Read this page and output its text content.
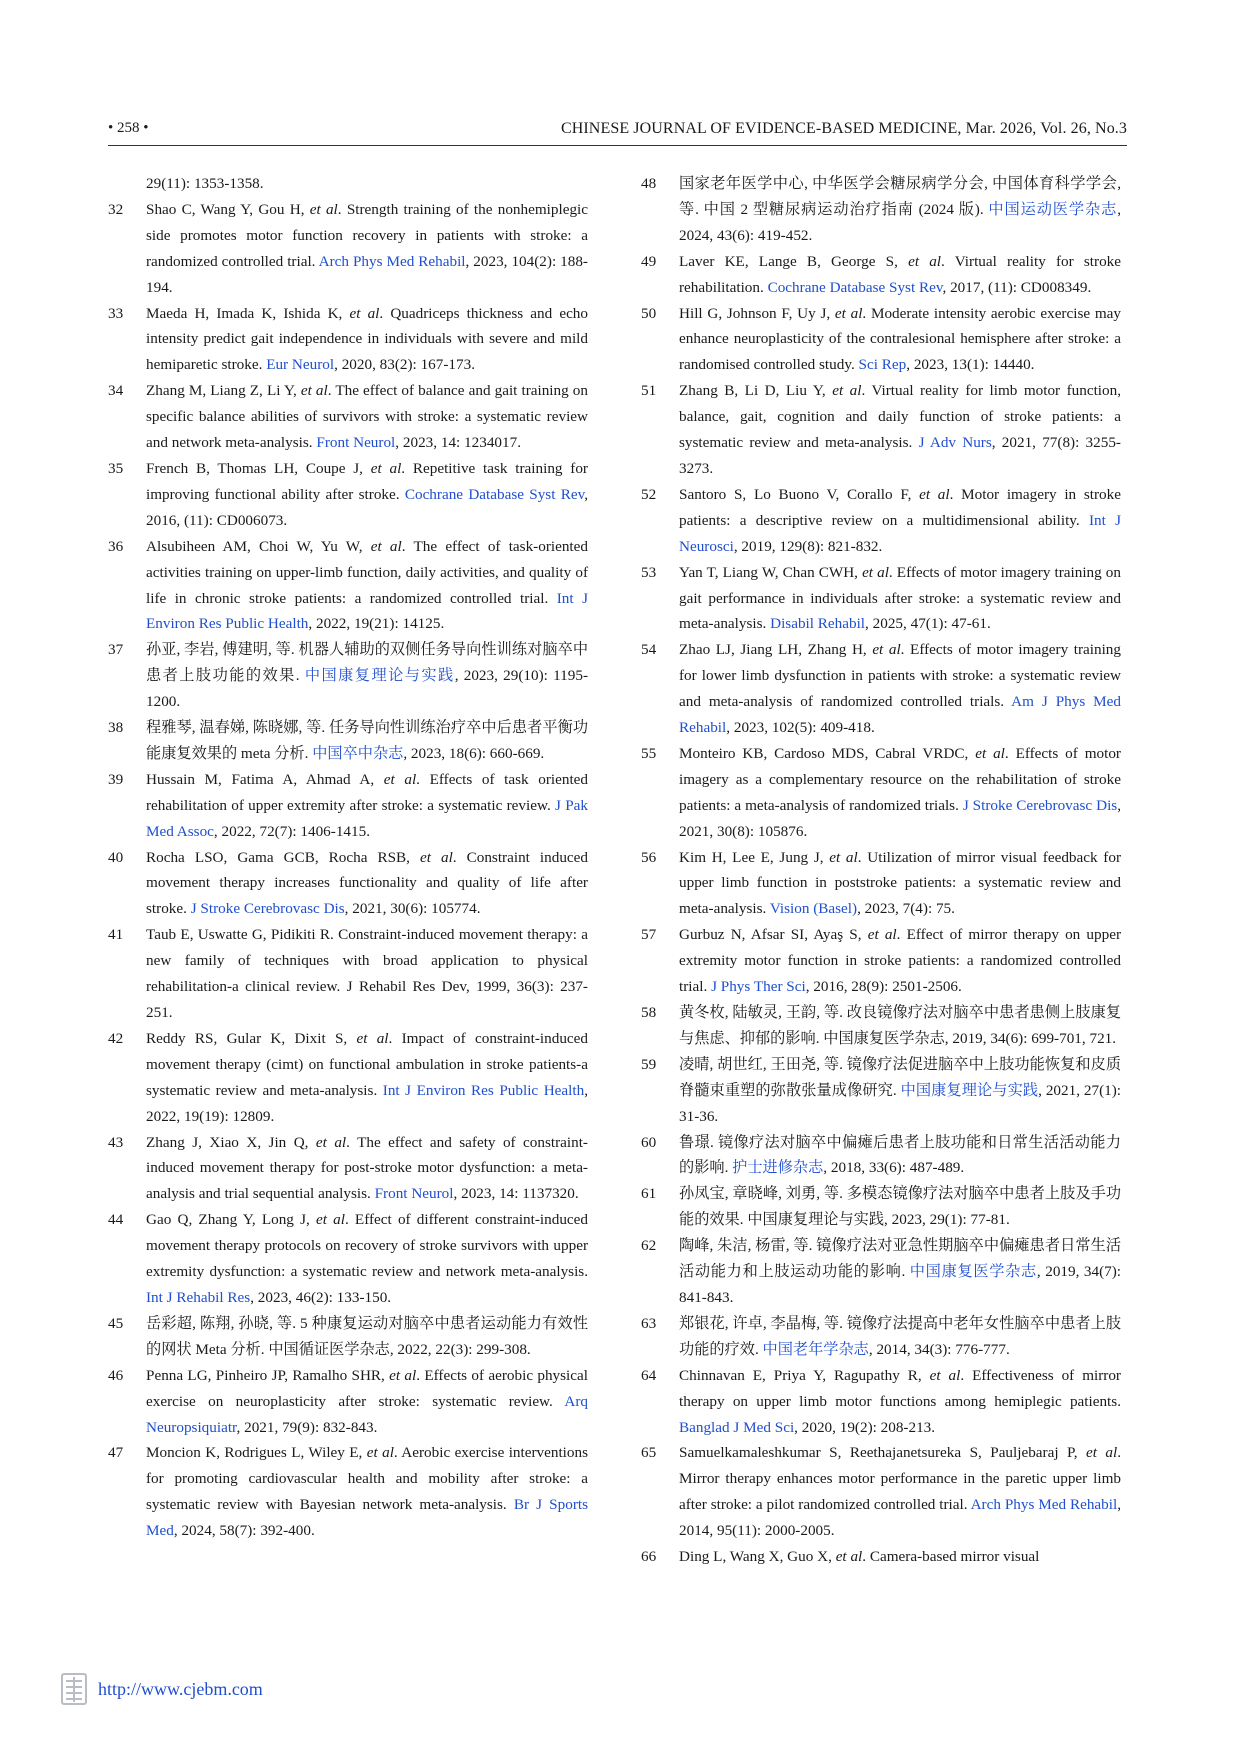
• 258 •	CHINESE JOURNAL OF EVIDENCE-BASED MEDICINE, Mar. 2026, Vol. 26, No.3
29(11): 1353-1358.
32 Shao C, Wang Y, Gou H, et al. Strength training of the nonhemiplegic side promotes motor function recovery in patients with stroke: a randomized controlled trial. Arch Phys Med Rehabil, 2023, 104(2): 188-194.
33 Maeda H, Imada K, Ishida K, et al. Quadriceps thickness and echo intensity predict gait independence in individuals with severe and mild hemiparetic stroke. Eur Neurol, 2020, 83(2): 167-173.
34 Zhang M, Liang Z, Li Y, et al. The effect of balance and gait training on specific balance abilities of survivors with stroke: a systematic review and network meta-analysis. Front Neurol, 2023, 14: 1234017.
35 French B, Thomas LH, Coupe J, et al. Repetitive task training for improving functional ability after stroke. Cochrane Database Syst Rev, 2016, (11): CD006073.
36 Alsubiheen AM, Choi W, Yu W, et al. The effect of task-oriented activities training on upper-limb function, daily activities, and quality of life in chronic stroke patients: a randomized controlled trial. Int J Environ Res Public Health, 2022, 19(21): 14125.
37 孙亚, 李岩, 傅建明, 等. 机器人辅助的双侧任务导向性训练对脑卒中患者上肢功能的效果. 中国康复理论与实践, 2023, 29(10): 1195-1200.
38 程雅琴, 温春娣, 陈晓娜, 等. 任务导向性训练治疗卒中后患者平衡功能康复效果的 meta 分析. 中国卒中杂志, 2023, 18(6): 660-669.
39 Hussain M, Fatima A, Ahmad A, et al. Effects of task oriented rehabilitation of upper extremity after stroke: a systematic review. J Pak Med Assoc, 2022, 72(7): 1406-1415.
40 Rocha LSO, Gama GCB, Rocha RSB, et al. Constraint induced movement therapy increases functionality and quality of life after stroke. J Stroke Cerebrovasc Dis, 2021, 30(6): 105774.
41 Taub E, Uswatte G, Pidikiti R. Constraint-induced movement therapy: a new family of techniques with broad application to physical rehabilitation-a clinical review. J Rehabil Res Dev, 1999, 36(3): 237-251.
42 Reddy RS, Gular K, Dixit S, et al. Impact of constraint-induced movement therapy (cimt) on functional ambulation in stroke patients-a systematic review and meta-analysis. Int J Environ Res Public Health, 2022, 19(19): 12809.
43 Zhang J, Xiao X, Jin Q, et al. The effect and safety of constraint-induced movement therapy for post-stroke motor dysfunction: a meta-analysis and trial sequential analysis. Front Neurol, 2023, 14: 1137320.
44 Gao Q, Zhang Y, Long J, et al. Effect of different constraint-induced movement therapy protocols on recovery of stroke survivors with upper extremity dysfunction: a systematic review and network meta-analysis. Int J Rehabil Res, 2023, 46(2): 133-150.
45 岳彩超, 陈翔, 孙晓, 等. 5 种康复运动对脑卒中患者运动能力有效性的网状 Meta 分析. 中国循证医学杂志, 2022, 22(3): 299-308.
46 Penna LG, Pinheiro JP, Ramalho SHR, et al. Effects of aerobic physical exercise on neuroplasticity after stroke: systematic review. Arq Neuropsiquiatr, 2021, 79(9): 832-843.
47 Moncion K, Rodrigues L, Wiley E, et al. Aerobic exercise interventions for promoting cardiovascular health and mobility after stroke: a systematic review with Bayesian network meta-analysis. Br J Sports Med, 2024, 58(7): 392-400.
48 国家老年医学中心, 中华医学会糖尿病学分会, 中国体育科学学会, 等. 中国 2 型糖尿病运动治疗指南 (2024 版). 中国运动医学杂志, 2024, 43(6): 419-452.
49 Laver KE, Lange B, George S, et al. Virtual reality for stroke rehabilitation. Cochrane Database Syst Rev, 2017, (11): CD008349.
50 Hill G, Johnson F, Uy J, et al. Moderate intensity aerobic exercise may enhance neuroplasticity of the contralesional hemisphere after stroke: a randomised controlled study. Sci Rep, 2023, 13(1): 14440.
51 Zhang B, Li D, Liu Y, et al. Virtual reality for limb motor function, balance, gait, cognition and daily function of stroke patients: a systematic review and meta-analysis. J Adv Nurs, 2021, 77(8): 3255-3273.
52 Santoro S, Lo Buono V, Corallo F, et al. Motor imagery in stroke patients: a descriptive review on a multidimensional ability. Int J Neurosci, 2019, 129(8): 821-832.
53 Yan T, Liang W, Chan CWH, et al. Effects of motor imagery training on gait performance in individuals after stroke: a systematic review and meta-analysis. Disabil Rehabil, 2025, 47(1): 47-61.
54 Zhao LJ, Jiang LH, Zhang H, et al. Effects of motor imagery training for lower limb dysfunction in patients with stroke: a systematic review and meta-analysis of randomized controlled trials. Am J Phys Med Rehabil, 2023, 102(5): 409-418.
55 Monteiro KB, Cardoso MDS, Cabral VRDC, et al. Effects of motor imagery as a complementary resource on the rehabilitation of stroke patients: a meta-analysis of randomized trials. J Stroke Cerebrovasc Dis, 2021, 30(8): 105876.
56 Kim H, Lee E, Jung J, et al. Utilization of mirror visual feedback for upper limb function in poststroke patients: a systematic review and meta-analysis. Vision (Basel), 2023, 7(4): 75.
57 Gurbuz N, Afsar SI, Ayaş S, et al. Effect of mirror therapy on upper extremity motor function in stroke patients: a randomized controlled trial. J Phys Ther Sci, 2016, 28(9): 2501-2506.
58 黄冬枚, 陆敏灵, 王韵, 等. 改良镜像疗法对脑卒中患者患侧上肢康复与焦虑、抑郁的影响. 中国康复医学杂志, 2019, 34(6): 699-701, 721.
59 凌晴, 胡世红, 王田尧, 等. 镜像疗法促进脑卒中上肢功能恢复和皮质脊髓束重塑的弥散张量成像研究. 中国康复理论与实践, 2021, 27(1): 31-36.
60 鲁璟. 镜像疗法对脑卒中偏瘫后患者上肢功能和日常生活活动能力的影响. 护士进修杂志, 2018, 33(6): 487-489.
61 孙凤宝, 章晓峰, 刘勇, 等. 多模态镜像疗法对脑卒中患者上肢及手功能的效果. 中国康复理论与实践, 2023, 29(1): 77-81.
62 陶峰, 朱洁, 杨雷, 等. 镜像疗法对亚急性期脑卒中偏瘫患者日常生活活动能力和上肢运动功能的影响. 中国康复医学杂志, 2019, 34(7): 841-843.
63 郑银花, 许卓, 李晶梅, 等. 镜像疗法提高中老年女性脑卒中患者上肢功能的疗效. 中国老年学杂志, 2014, 34(3): 776-777.
64 Chinnavan E, Priya Y, Ragupathy R, et al. Effectiveness of mirror therapy on upper limb motor functions among hemiplegic patients. Banglad J Med Sci, 2020, 19(2): 208-213.
65 Samuelkamaleshkumar S, Reethajanetsureka S, Pauljebaraj P, et al. Mirror therapy enhances motor performance in the paretic upper limb after stroke: a pilot randomized controlled trial. Arch Phys Med Rehabil, 2014, 95(11): 2000-2005.
66 Ding L, Wang X, Guo X, et al. Camera-based mirror visual
http://www.cjebm.com
